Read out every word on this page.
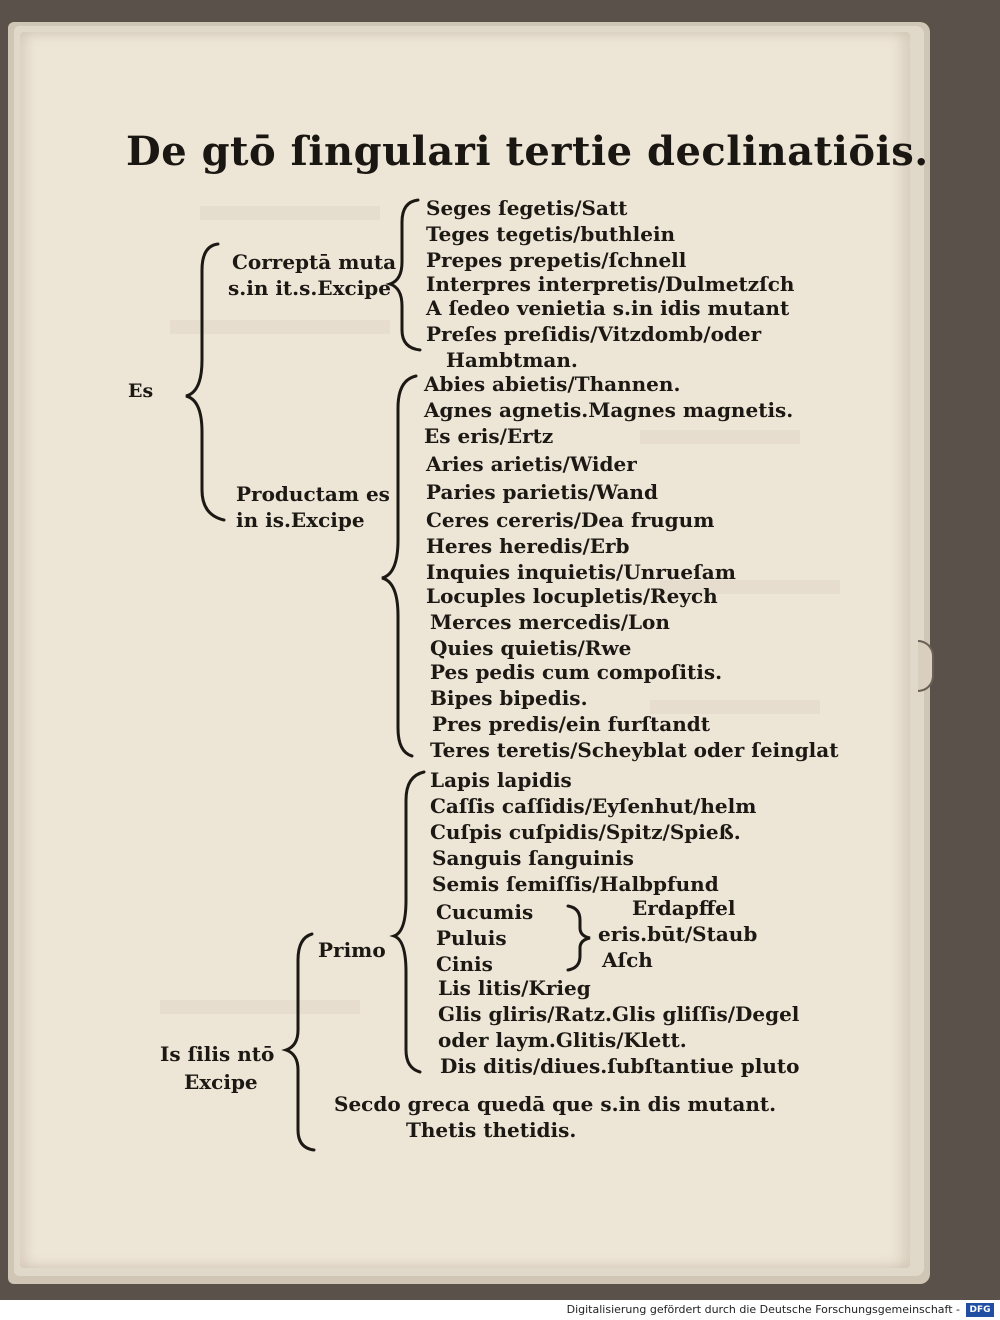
De gtō ſingulari tertie declinatiōis.
Es
Correptā muta
s.in it.s.Excipe
Productam es
in is.Excipe
Primo
Is ſilis ntō
Excipe
Seges ſegetis/Satt
Teges tegetis/buthlein
Prepes prepetis/ſchnell
Interpres interpretis/Dulmetzſch
A ſedeo venietia s.in idis mutant
Preſes preſidis/Vitzdomb/oder
Hambtman.
Abies abietis/Thannen.
Agnes agnetis.Magnes magnetis.
Es eris/Ertz
Aries arietis/Wider
Paries parietis/Wand
Ceres cereris/Dea frugum
Heres heredis/Erb
Inquies inquietis/Unrueſam
Locuples locupletis/Reych
Merces mercedis/Lon
Quies quietis/Rwe
Pes pedis cum compoſitis.
Bipes bipedis.
Pres predis/ein furſtandt
Teres teretis/Scheyblat oder ſeinglat
Lapis lapidis
Caſſis caſſidis/Eyſenhut/helm
Cuſpis cuſpidis/Spitz/Spieß.
Sanguis ſanguinis
Semis ſemiſſis/Halbpfund
Cucumis
Puluis
Cinis
Erdapffel
eris.būt/Staub
Aſch
Lis litis/Krieg
Glis gliris/Ratz.Glis gliſſis/Degel
oder laym.Glitis/Klett.
Dis ditis/diues.ſubſtantiue pluto
Secdo greca quedā que s.in dis mutant.
Thetis thetidis.
Digitalisierung gefördert durch die Deutsche Forschungsgemeinschaft -	DFG
